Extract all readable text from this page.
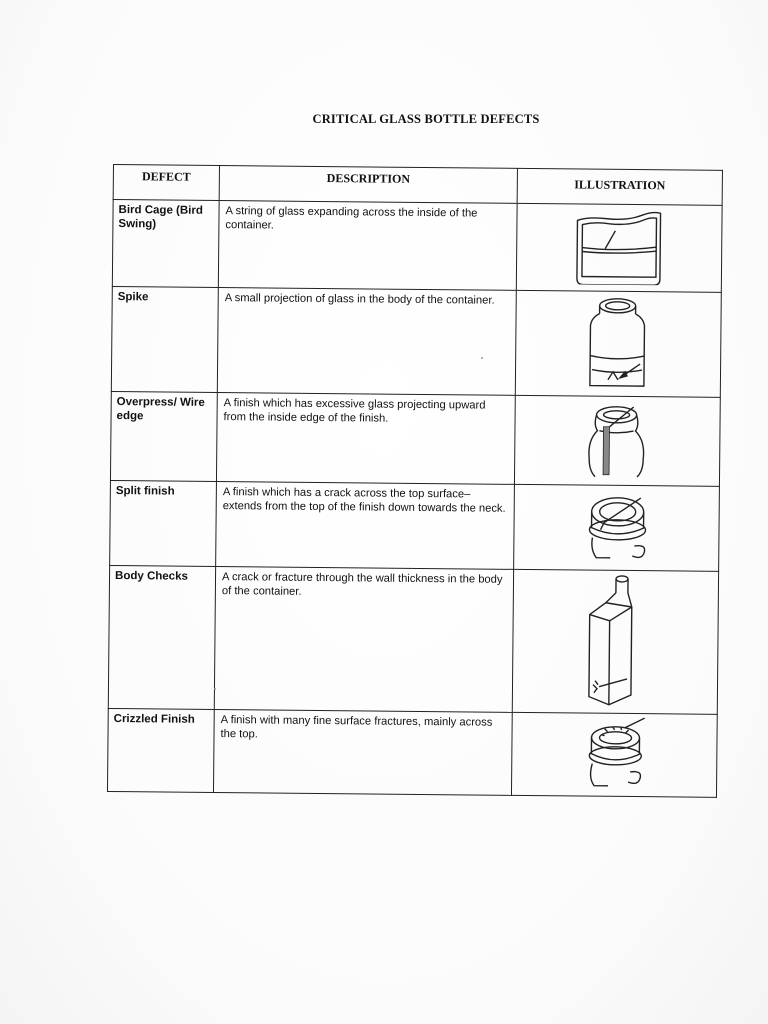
CRITICAL GLASS BOTTLE DEFECTS
DEFECT	DESCRIPTION	ILLUSTRATION

Bird Cage (Bird Swing)	A string of glass expanding across the inside of the container.	

Spike	A small projection of glass in the body of the container.	

Overpress/ Wire edge	A finish which has excessive glass projecting upward from the inside edge of the finish.	

Split finish	A finish which has a crack across the top surface– extends from the top of the finish down towards the neck.	

Body Checks	A crack or fracture through the wall thickness in the body of the container.	

Crizzled Finish	A finish with many fine surface fractures, mainly across the top.	
